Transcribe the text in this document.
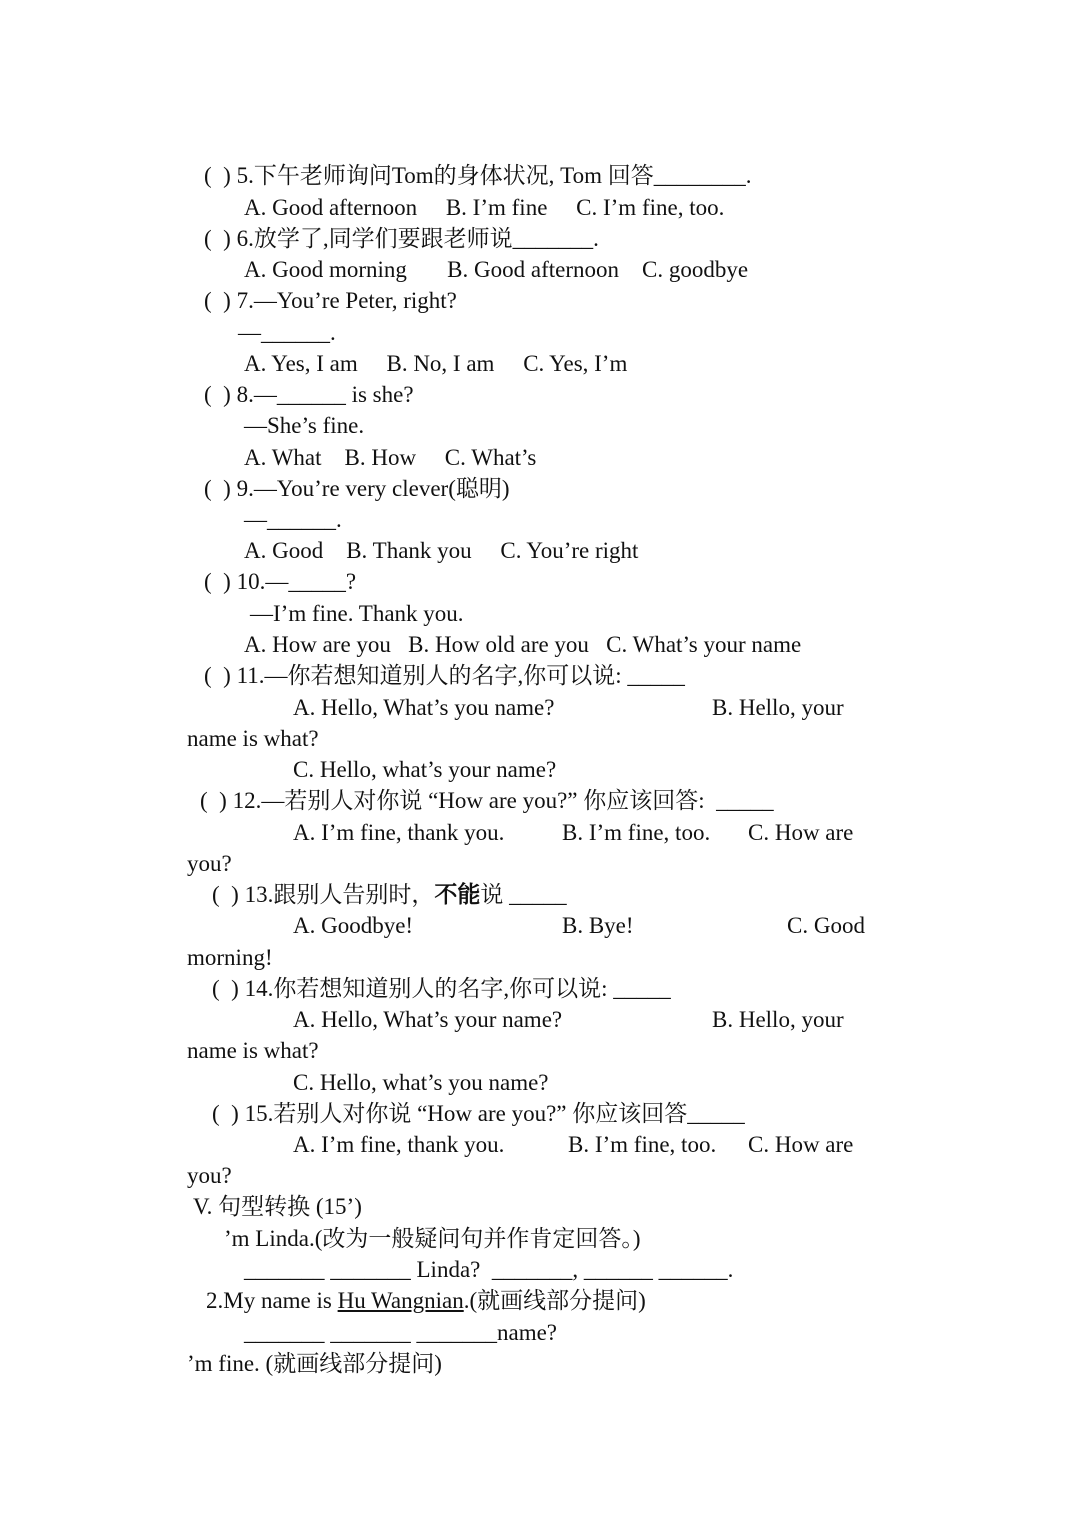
(  ) 5.下午老师询问Tom的身体状况, Tom 回答________.
A. Good afternoon     B. I’m fine     C. I’m fine, too.
(  ) 6.放学了,同学们要跟老师说_______.
A. Good morning       B. Good afternoon    C. goodbye
(  ) 7.—You’re Peter, right?
—______.
A. Yes, I am     B. No, I am     C. Yes, I’m
(  ) 8.—______ is she?
—She’s fine.
A. What    B. How     C. What’s
(  ) 9.—You’re very clever(聪明)
—______.
A. Good    B. Thank you     C. You’re right
(  ) 10.—_____?
—I’m fine. Thank you.
A. How are you   B. How old are you   C. What’s your name
(  ) 11.—你若想知道别人的名字,你可以说: _____
A. Hello, What’s you name?	B. Hello, your
name is what?
C. Hello, what’s your name?
(  ) 12.—若别人对你说 “How are you?” 你应该回答:  _____
A. I’m fine, thank you.	B. I’m fine, too. C. How are
you?
(  ) 13.跟别人告别时，不能说 _____
A. Goodbye!	B. Bye!	C. Good
morning!
(  ) 14.你若想知道别人的名字,你可以说: _____
A. Hello, What’s your name?	B. Hello, your
name is what?
C. Hello, what’s you name?
(  ) 15.若别人对你说 “How are you?” 你应该回答_____
A. I’m fine, thank you.	B. I’m fine, too. C. How are
you?
V. 句型转换 (15’)
’m Linda.(改为一般疑问句并作肯定回答。)
_______ _______ Linda?  _______, ______ ______.
2.My name is Hu Wangnian.(就画线部分提问)
_______ _______ _______name?
’m fine. (就画线部分提问)
